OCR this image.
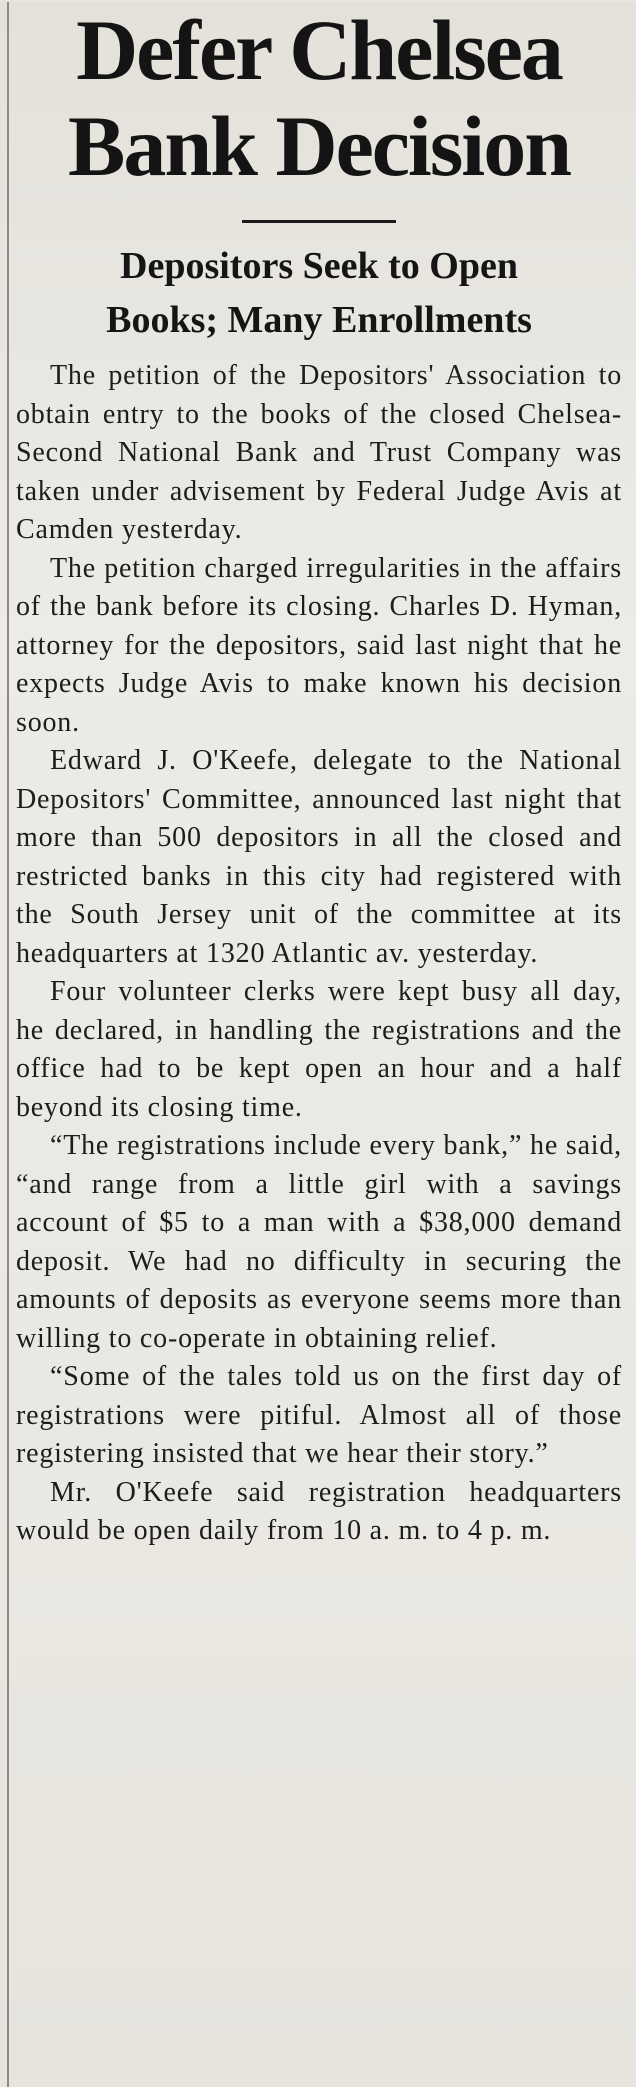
Defer Chelsea
Bank Decision
Depositors Seek to Open
Books; Many Enrollments

The petition of the Depositors' Association to obtain entry to the books of the closed Chelsea-Second National Bank and Trust Company was taken under advisement by Federal Judge Avis at Camden yesterday.

The petition charged irregularities in the affairs of the bank before its closing. Charles D. Hyman, attorney for the depositors, said last night that he expects Judge Avis to make known his decision soon.

Edward J. O'Keefe, delegate to the National Depositors' Committee, announced last night that more than 500 depositors in all the closed and restricted banks in this city had registered with the South Jersey unit of the committee at its headquarters at 1320 Atlantic av. yesterday.

Four volunteer clerks were kept busy all day, he declared, in handling the registrations and the office had to be kept open an hour and a half beyond its closing time.

“The registrations include every bank,” he said, “and range from a little girl with a savings account of $5 to a man with a $38,000 demand deposit. We had no difficulty in securing the amounts of deposits as everyone seems more than willing to co-operate in obtaining relief.

“Some of the tales told us on the first day of registrations were pitiful. Almost all of those registering insisted that we hear their story.”

Mr. O'Keefe said registration headquarters would be open daily from 10 a. m. to 4 p. m.
